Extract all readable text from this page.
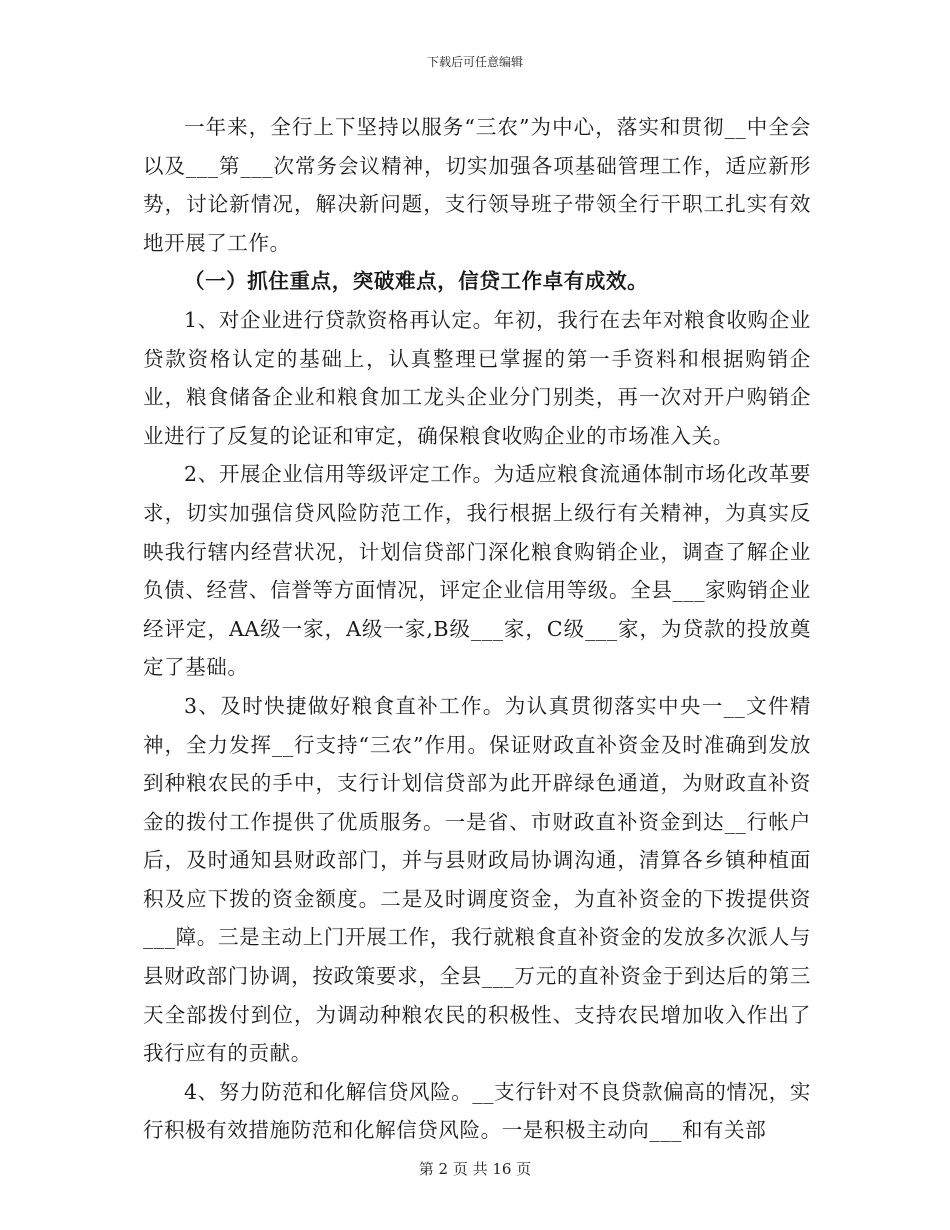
下载后可任意编辑

一年来，全行上下坚持以服务“三农”为中心，落实和贯彻__中全会以及___第___次常务会议精神，切实加强各项基础管理工作，适应新形势，讨论新情况，解决新问题，支行领导班子带领全行干职工扎实有效地开展了工作。

（一）抓住重点，突破难点，信贷工作卓有成效。

1、对企业进行贷款资格再认定。年初，我行在去年对粮食收购企业贷款资格认定的基础上，认真整理已掌握的第一手资料和根据购销企业，粮食储备企业和粮食加工龙头企业分门别类，再一次对开户购销企业进行了反复的论证和审定，确保粮食收购企业的市场准入关。

2、开展企业信用等级评定工作。为适应粮食流通体制市场化改革要求，切实加强信贷风险防范工作，我行根据上级行有关精神，为真实反映我行辖内经营状况，计划信贷部门深化粮食购销企业，调查了解企业负债、经营、信誉等方面情况，评定企业信用等级。全县___家购销企业经评定，AA级一家，A级一家,B级___家，C级___家，为贷款的投放奠定了基础。

3、及时快捷做好粮食直补工作。为认真贯彻落实中央一__文件精神，全力发挥__行支持“三农”作用。保证财政直补资金及时准确到发放到种粮农民的手中，支行计划信贷部为此开辟绿色通道，为财政直补资金的拨付工作提供了优质服务。一是省、市财政直补资金到达__行帐户后，及时通知县财政部门，并与县财政局协调沟通，清算各乡镇种植面积及应下拨的资金额度。二是及时调度资金，为直补资金的下拨提供资___障。三是主动上门开展工作，我行就粮食直补资金的发放多次派人与县财政部门协调，按政策要求，全县___万元的直补资金于到达后的第三天全部拨付到位，为调动种粮农民的积极性、支持农民增加收入作出了我行应有的贡献。

4、努力防范和化解信贷风险。__支行针对不良贷款偏高的情况，实行积极有效措施防范和化解信贷风险。一是积极主动向___和有关部

第 2 页 共 16 页
